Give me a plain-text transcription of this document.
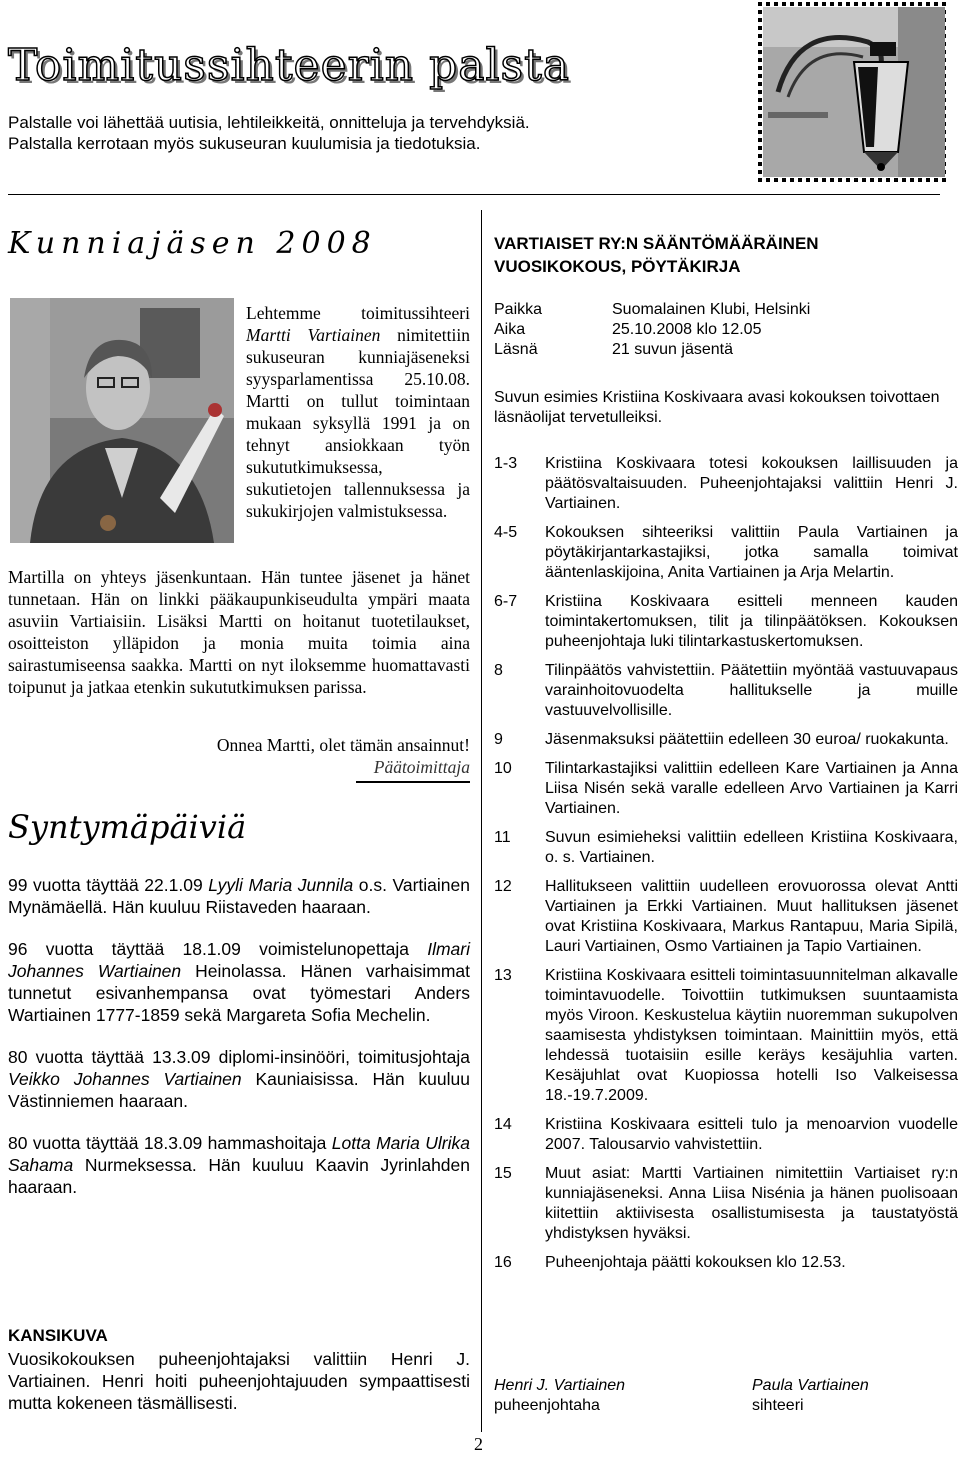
Toimitussihteerin palsta
Palstalle voi lähettää uutisia, lehtileikkeitä, onnitteluja ja tervehdyksiä.
Palstalla kerrotaan myös sukuseuran kuulumisia ja tiedotuksia.
Kunniajäsen 2008
Lehtemme toimitussihteeri Martti Vartiainen nimitettiin sukuseuran kunniajäseneksi syysparlamentissa 25.10.08. Martti on tullut toimintaan mukaan syksyllä 1991 ja on tehnyt ansiokkaan työn sukututkimuksessa, sukutietojen tallennuksessa ja sukukirjojen valmistuksessa.
Martilla on yhteys jäsenkuntaan. Hän tuntee jäsenet ja hänet tunnetaan. Hän on linkki pääkaupunkiseudulta ympäri maata asuviin Vartiaisiin. Lisäksi Martti on hoitanut tuotetilaukset, osoitteiston ylläpidon ja monia muita toimia aina sairastumiseensa saakka. Martti on nyt iloksemme huomattavasti toipunut ja jatkaa etenkin sukututkimuksen parissa.
Onnea Martti, olet tämän ansainnut!
Päätoimittaja
Syntymäpäiviä

99 vuotta täyttää 22.1.09 Lyyli Maria Junnila o.s. Vartiainen Mynämäellä. Hän kuuluu Riistaveden haaraan.

96 vuotta täyttää 18.1.09 voimistelunopettaja Ilmari Johannes Wartiainen Heinolassa. Hänen varhaisimmat tunnetut esivanhempansa ovat työmestari Anders Wartiainen 1777-1859 sekä Margareta Sofia Mechelin.

80 vuotta täyttää 13.3.09 diplomi-insinööri, toimitusjohtaja Veikko Johannes Vartiainen Kauniaisissa. Hän kuuluu Västinniemen haaraan.

80 vuotta täyttää 18.3.09 hammashoitaja Lotta Maria Ulrika Sahama Nurmeksessa. Hän kuuluu Kaavin Jyrinlahden haaraan.

KANSIKUVA
Vuosikokouksen puheenjohtajaksi valittiin Henri J. Vartiainen. Henri hoiti puheenjohtajuuden sympaattisesti mutta kokeneen täsmällisesti.
VARTIAISET RY:N SÄÄNTÖMÄÄRÄINEN
VUOSIKOKOUS, PÖYTÄKIRJA
Paikka	Suomalainen Klubi, Helsinki
Aika	25.10.2008 klo 12.05
Läsnä	21 suvun jäsentä
Suvun esimies Kristiina Koskivaara avasi kokouksen toivottaen läsnäolijat tervetulleiksi.
1-3	Kristiina Koskivaara totesi kokouksen laillisuuden ja päätösvaltaisuuden. Puheenjohtajaksi valittiin Henri J. Vartiainen.
4-5	Kokouksen sihteeriksi valittiin Paula Vartiainen ja pöytäkirjantarkastajiksi, jotka samalla toimivat ääntenlaskijoina, Anita Vartiainen ja Arja Melartin.
6-7	Kristiina Koskivaara esitteli menneen kauden toimintakertomuksen, tilit ja tilinpäätöksen. Kokouksen puheenjohtaja luki tilintarkastuskertomuksen.
8	Tilinpäätös vahvistettiin. Päätettiin myöntää vastuuvapaus varainhoitovuodelta hallitukselle ja muille vastuuvelvollisille.
9	Jäsenmaksuksi päätettiin edelleen 30 euroa/ ruokakunta.
10	Tilintarkastajiksi valittiin edelleen Kare Vartiainen ja Anna Liisa Nisén sekä varalle edelleen Arvo Vartiainen ja Karri Vartiainen.
11	Suvun esimieheksi valittiin edelleen Kristiina Koskivaara, o. s. Vartiainen.
12	Hallitukseen valittiin uudelleen erovuorossa olevat Antti Vartiainen ja Erkki Vartiainen. Muut hallituksen jäsenet ovat Kristiina Koskivaara, Markus Rantapuu, Maria Sipilä, Lauri Vartiainen, Osmo Vartiainen ja Tapio Vartiainen.
13	Kristiina Koskivaara esitteli toimintasuunnitelman alkavalle toimintavuodelle. Toivottiin tutkimuksen suuntaamista myös Viroon. Keskustelua käytiin nuoremman sukupolven saamisesta yhdistyksen toimintaan. Mainittiin myös, että lehdessä tuotaisiin esille keräys kesäjuhlia varten. Kesäjuhlat ovat Kuopiossa hotelli Iso Valkeisessa 18.-19.7.2009.
14	Kristiina Koskivaara esitteli tulo ja menoarvion vuodelle 2007. Talousarvio vahvistettiin.
15	Muut asiat: Martti Vartiainen nimitettiin Vartiaiset ry:n kunniajäseneksi. Anna Liisa Nisénia ja hänen puolisoaan kiitettiin aktiivisesta osallistumisesta ja taustatyöstä yhdistyksen hyväksi.
16	Puheenjohtaja päätti kokouksen klo 12.53.
Henri J. Vartiainen
puheenjohtaha
Paula Vartiainen
sihteeri
2
